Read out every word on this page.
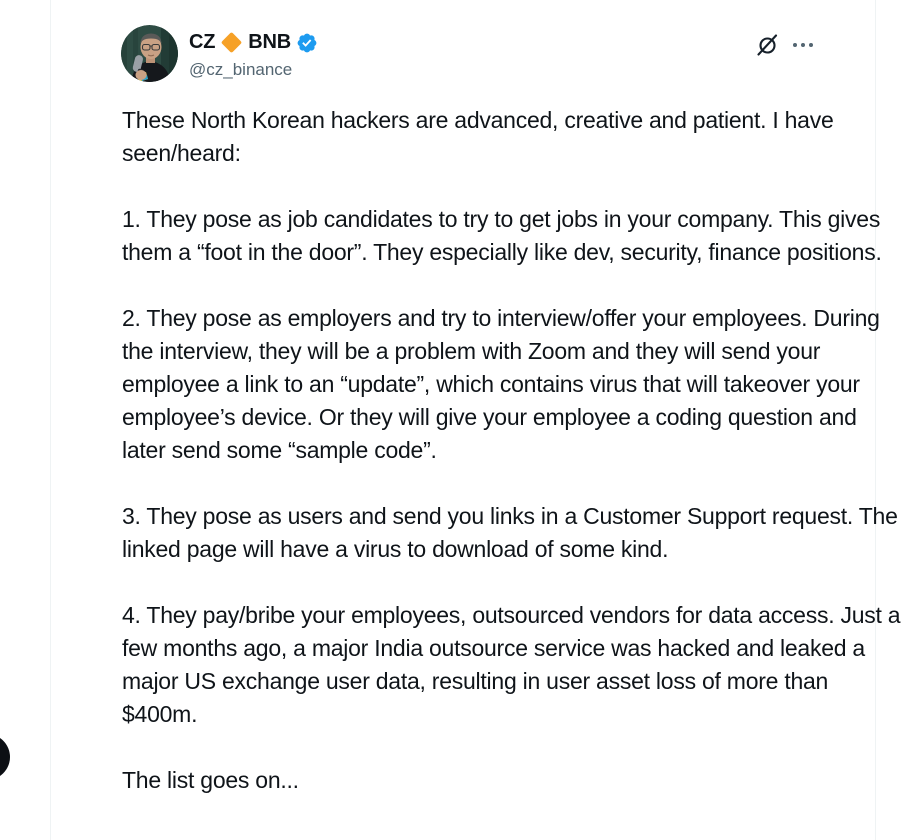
CZ BNB
@cz_binance

These North Korean hackers are advanced, creative and patient. I have seen/heard:

1. They pose as job candidates to try to get jobs in your company. This gives them a “foot in the door”. They especially like dev, security, finance positions.

2. They pose as employers and try to interview/offer your employees. During the interview, they will be a problem with Zoom and they will send your employee a link to an “update”, which contains virus that will takeover your employee’s device. Or they will give your employee a coding question and later send some “sample code”.

3. They pose as users and send you links in a Customer Support request. The linked page will have a virus to download of some kind.

4. They pay/bribe your employees, outsourced vendors for data access. Just a few months ago, a major India outsource service was hacked and leaked a major US exchange user data, resulting in user asset loss of more than $400m.

The list goes on...
